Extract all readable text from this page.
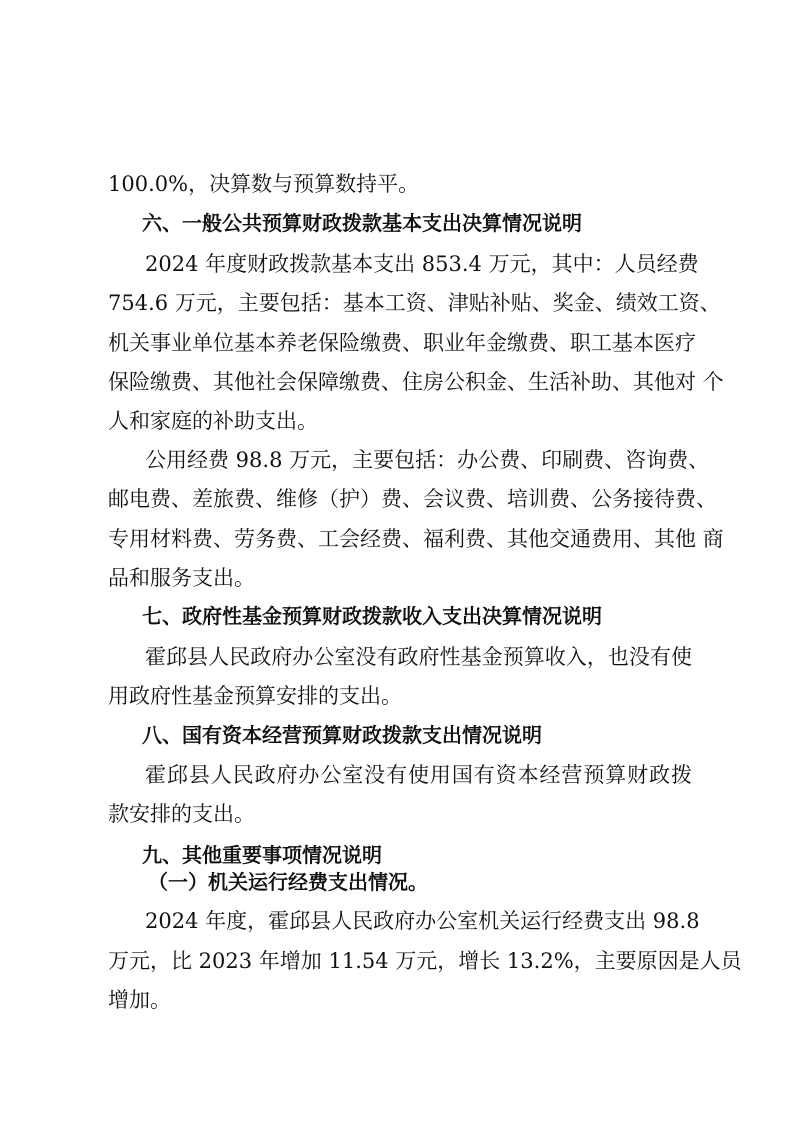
100.0%，决算数与预算数持平。

六、一般公共预算财政拨款基本支出决算情况说明

2024 年度财政拨款基本支出 853.4 万元，其中：人员经费

754.6 万元，主要包括：基本工资、津贴补贴、奖金、绩效工资、

机关事业单位基本养老保险缴费、职业年金缴费、职工基本医疗

保险缴费、其他社会保障缴费、住房公积金、生活补助、其他对 个

人和家庭的补助支出。

公用经费 98.8 万元，主要包括：办公费、印刷费、咨询费、

邮电费、差旅费、维修（护）费、会议费、培训费、公务接待费、

专用材料费、劳务费、工会经费、福利费、其他交通费用、其他 商

品和服务支出。

七、政府性基金预算财政拨款收入支出决算情况说明

霍邱县人民政府办公室没有政府性基金预算收入，也没有使

用政府性基金预算安排的支出。

八、国有资本经营预算财政拨款支出情况说明

霍邱县人民政府办公室没有使用国有资本经营预算财政拨

款安排的支出。

九、其他重要事项情况说明

（一）机关运行经费支出情况。

2024 年度，霍邱县人民政府办公室机关运行经费支出 98.8

万元，比 2023 年增加 11.54 万元，增长 13.2%，主要原因是人员

增加。
